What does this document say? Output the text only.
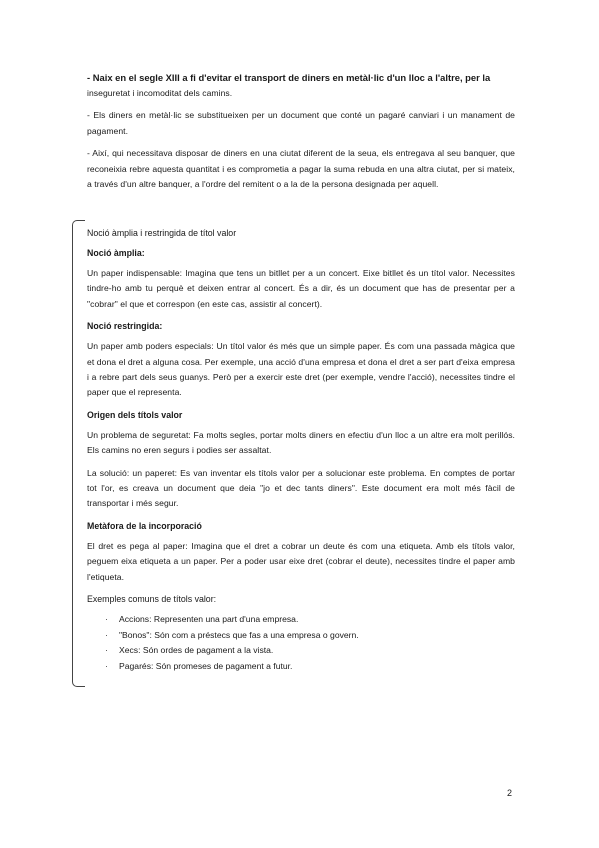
- Naix en el segle XIII a fi d'evitar el transport de diners en metàl·lic d'un lloc a l'altre, per la

inseguretat i incomoditat dels camins.

- Els diners en metàl·lic se substitueixen per un document que conté un pagaré canviari i un manament de pagament.

- Així, qui necessitava disposar de diners en una ciutat diferent de la seua, els entregava al seu banquer, que reconeixia rebre aquesta quantitat i es comprometia a pagar la suma rebuda en una altra ciutat, per si mateix, a través d'un altre banquer, a l'ordre del remitent o a la de la persona designada per aquell.

Noció àmplia i restringida de títol valor

Noció àmplia:

Un paper indispensable: Imagina que tens un bitllet per a un concert. Eixe bitllet és un títol valor. Necessites tindre-ho amb tu perquè et deixen entrar al concert. És a dir, és un document que has de presentar per a "cobrar" el que et correspon (en este cas, assistir al concert).

Noció restringida:

Un paper amb poders especials: Un títol valor és més que un simple paper. És com una passada màgica que et dona el dret a alguna cosa. Per exemple, una acció d'una empresa et dona el dret a ser part d'eixa empresa i a rebre part dels seus guanys. Però per a exercir este dret (per exemple, vendre l'acció), necessites tindre el paper que el representa.

Origen dels títols valor

Un problema de seguretat: Fa molts segles, portar molts diners en efectiu d'un lloc a un altre era molt perillós. Els camins no eren segurs i podies ser assaltat.

La solució: un paperet: Es van inventar els títols valor per a solucionar este problema. En comptes de portar tot l'or, es creava un document que deia "jo et dec tants diners". Este document era molt més fàcil de transportar i més segur.

Metàfora de la incorporació

El dret es pega al paper: Imagina que el dret a cobrar un deute és com una etiqueta. Amb els títols valor, peguem eixa etiqueta a un paper. Per a poder usar eixe dret (cobrar el deute), necessites tindre el paper amb l'etiqueta.

Exemples comuns de títols valor:

· Accions: Representen una part d'una empresa.
· "Bonos": Són com a préstecs que fas a una empresa o govern.
· Xecs: Són ordes de pagament a la vista.
· Pagarés: Són promeses de pagament a futur.
2
